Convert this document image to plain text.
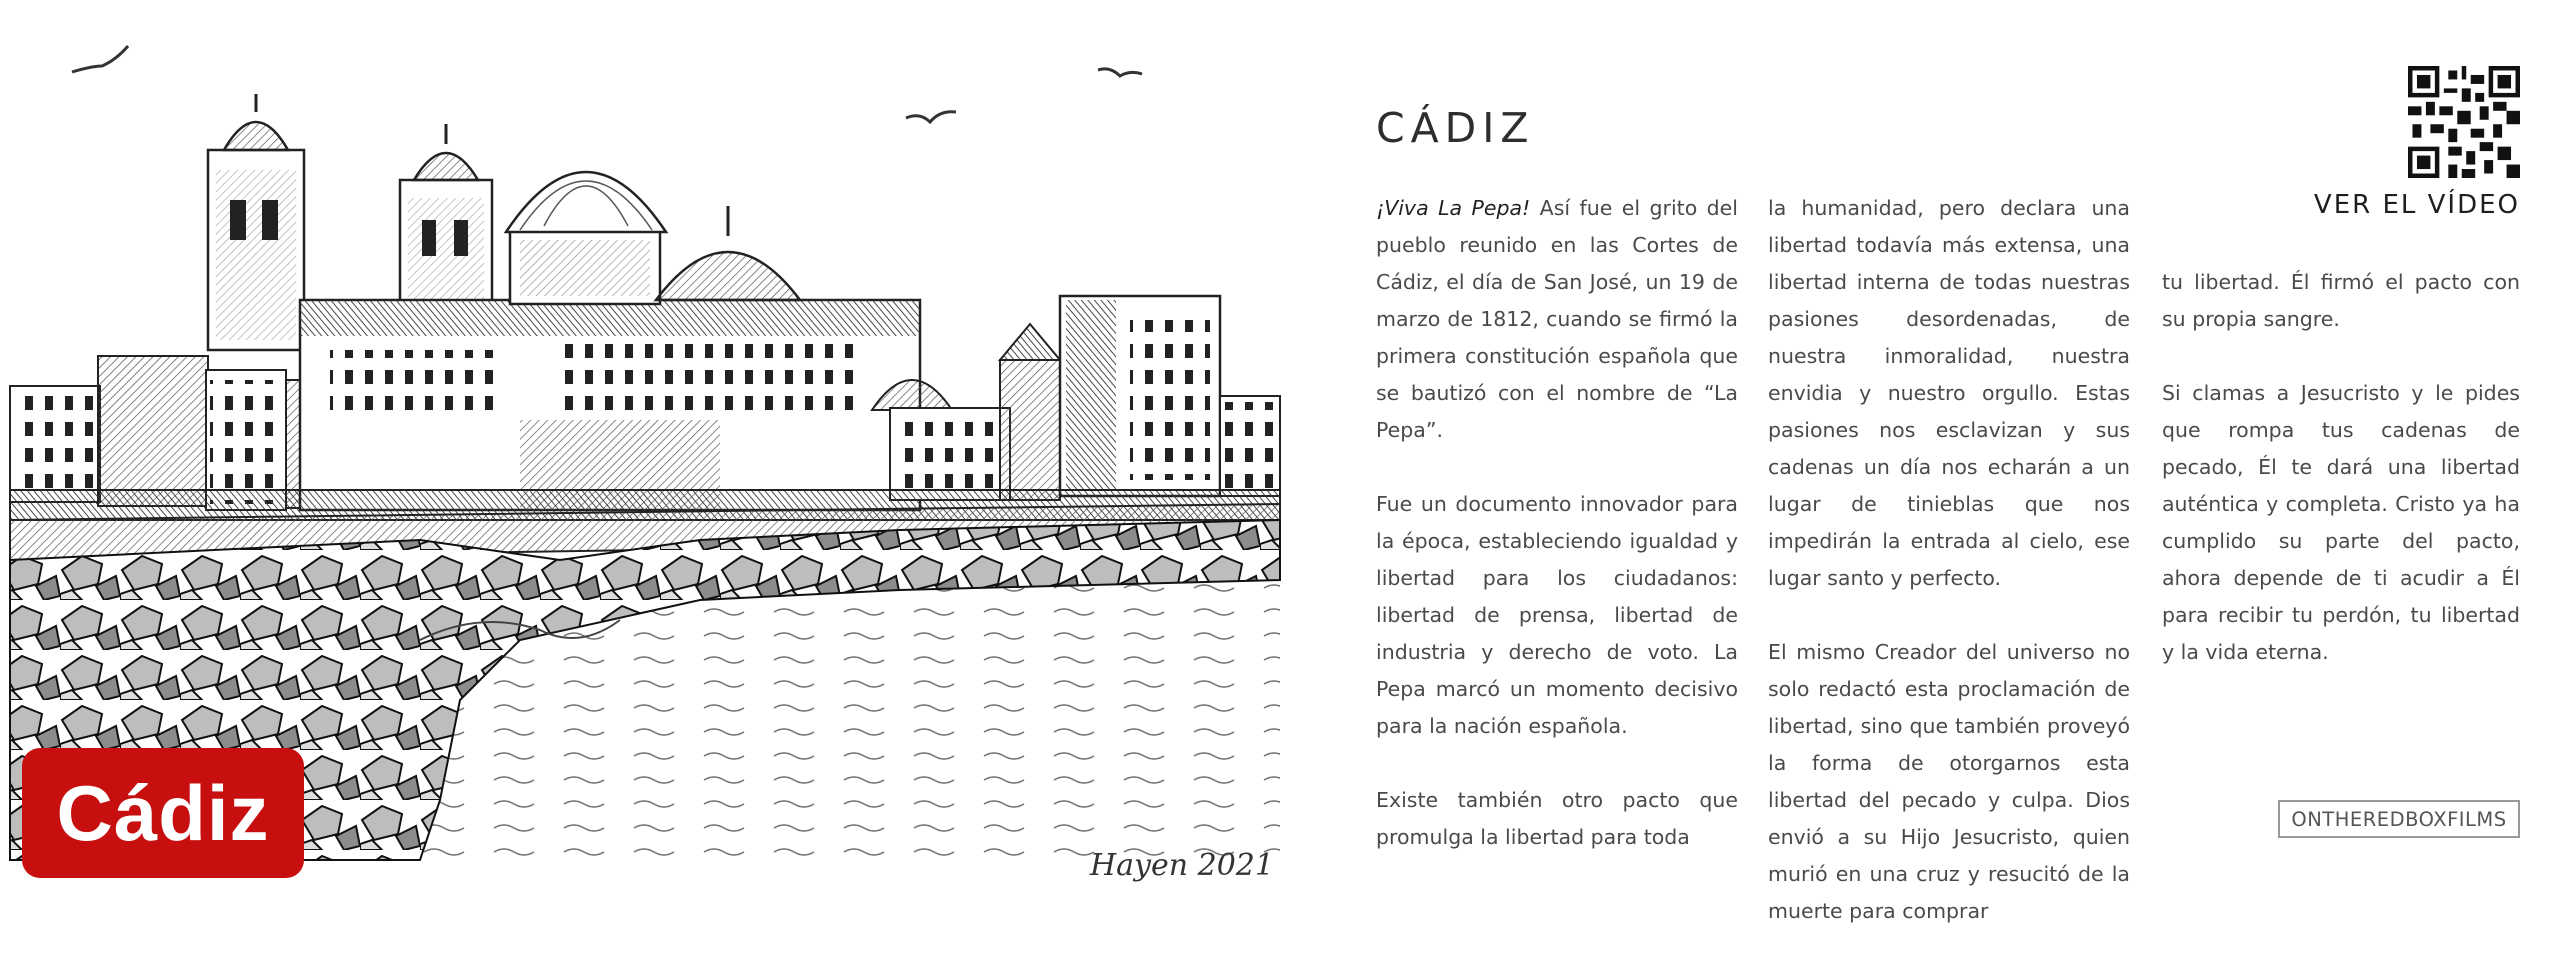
Cádiz
Hayen 2021
CÁDIZ
VER EL VÍDEO

¡Viva La Pepa! Así fue el grito del pueblo reunido en las Cortes de Cádiz, el día de San José, un 19 de marzo de 1812, cuando se firmó la primera constitución española que se bautizó con el nombre de “La Pepa”.

Fue un documento innovador para la época, estableciendo igualdad y libertad para los ciudadanos: libertad de prensa, libertad de industria y derecho de voto. La Pepa marcó un momento decisivo para la nación española.

Existe también otro pacto que promulga la libertad para toda

la humanidad, pero declara una libertad todavía más extensa, una libertad interna de todas nuestras pasiones desordenadas, de nuestra inmoralidad, nuestra envidia y nuestro orgullo. Estas pasiones nos esclavizan y sus cadenas un día nos echarán a un lugar de tinieblas que nos impedirán la entrada al cielo, ese lugar santo y perfecto.

El mismo Creador del universo no solo redactó esta proclamación de libertad, sino que también proveyó la forma de otorgarnos esta libertad del pecado y culpa. Dios envió a su Hijo Jesucristo, quien murió en una cruz y resucitó de la muerte para comprar

tu libertad. Él firmó el pacto con su propia sangre.

Si clamas a Jesucristo y le pides que rompa tus cadenas de pecado, Él te dará una libertad auténtica y completa. Cristo ya ha cumplido su parte del pacto, ahora depende de ti acudir a Él para recibir tu perdón, tu libertad y la vida eterna.

ONTHEREDBOXFILMS
